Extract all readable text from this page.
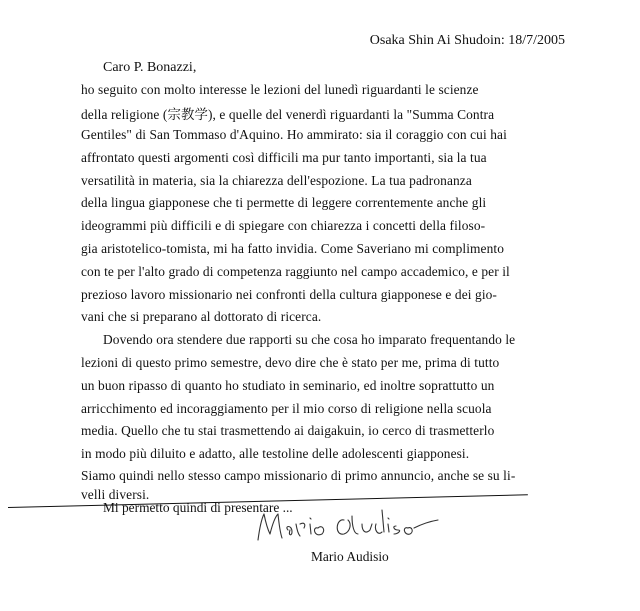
Osaka Shin Ai Shudoin: 18/7/2005
Caro P. Bonazzi,
ho seguito con molto interesse le lezioni del lunedì riguardanti le scienze
della religione (宗教学), e quelle del venerdì riguardanti la "Summa Contra
Gentiles" di San Tommaso d'Aquino. Ho ammirato: sia il coraggio con cui hai
affrontato questi argomenti così difficili ma pur tanto importanti, sia la tua
versatilità in materia, sia la chiarezza dell'espozione. La tua padronanza
della lingua giapponese che ti permette di leggere correntemente anche gli
ideogrammi più difficili e di spiegare con chiarezza i concetti della filoso-
gia aristotelico-tomista, mi ha fatto invidia. Come Saveriano mi complimento
con te per l'alto grado di competenza raggiunto nel campo accademico, e per il
prezioso lavoro missionario nei confronti della cultura giapponese e dei gio-
vani che si preparano al dottorato di ricerca.
Dovendo ora stendere due rapporti su che cosa ho imparato frequentando le
lezioni di questo primo semestre, devo dire che è stato per me, prima di tutto
un buon ripasso di quanto ho studiato in seminario, ed inoltre soprattutto un
arricchimento ed incoraggiamento per il mio corso di religione nella scuola
media. Quello che tu stai trasmettendo ai daigakuin, io cerco di trasmetterlo
in modo più diluito e adatto, alle testoline delle adolescenti giapponesi.
Siamo quindi nello stesso campo missionario di primo annuncio, anche se su li-
velli diversi.
Mi permetto quindi di presentare ...
Mario Audisio
